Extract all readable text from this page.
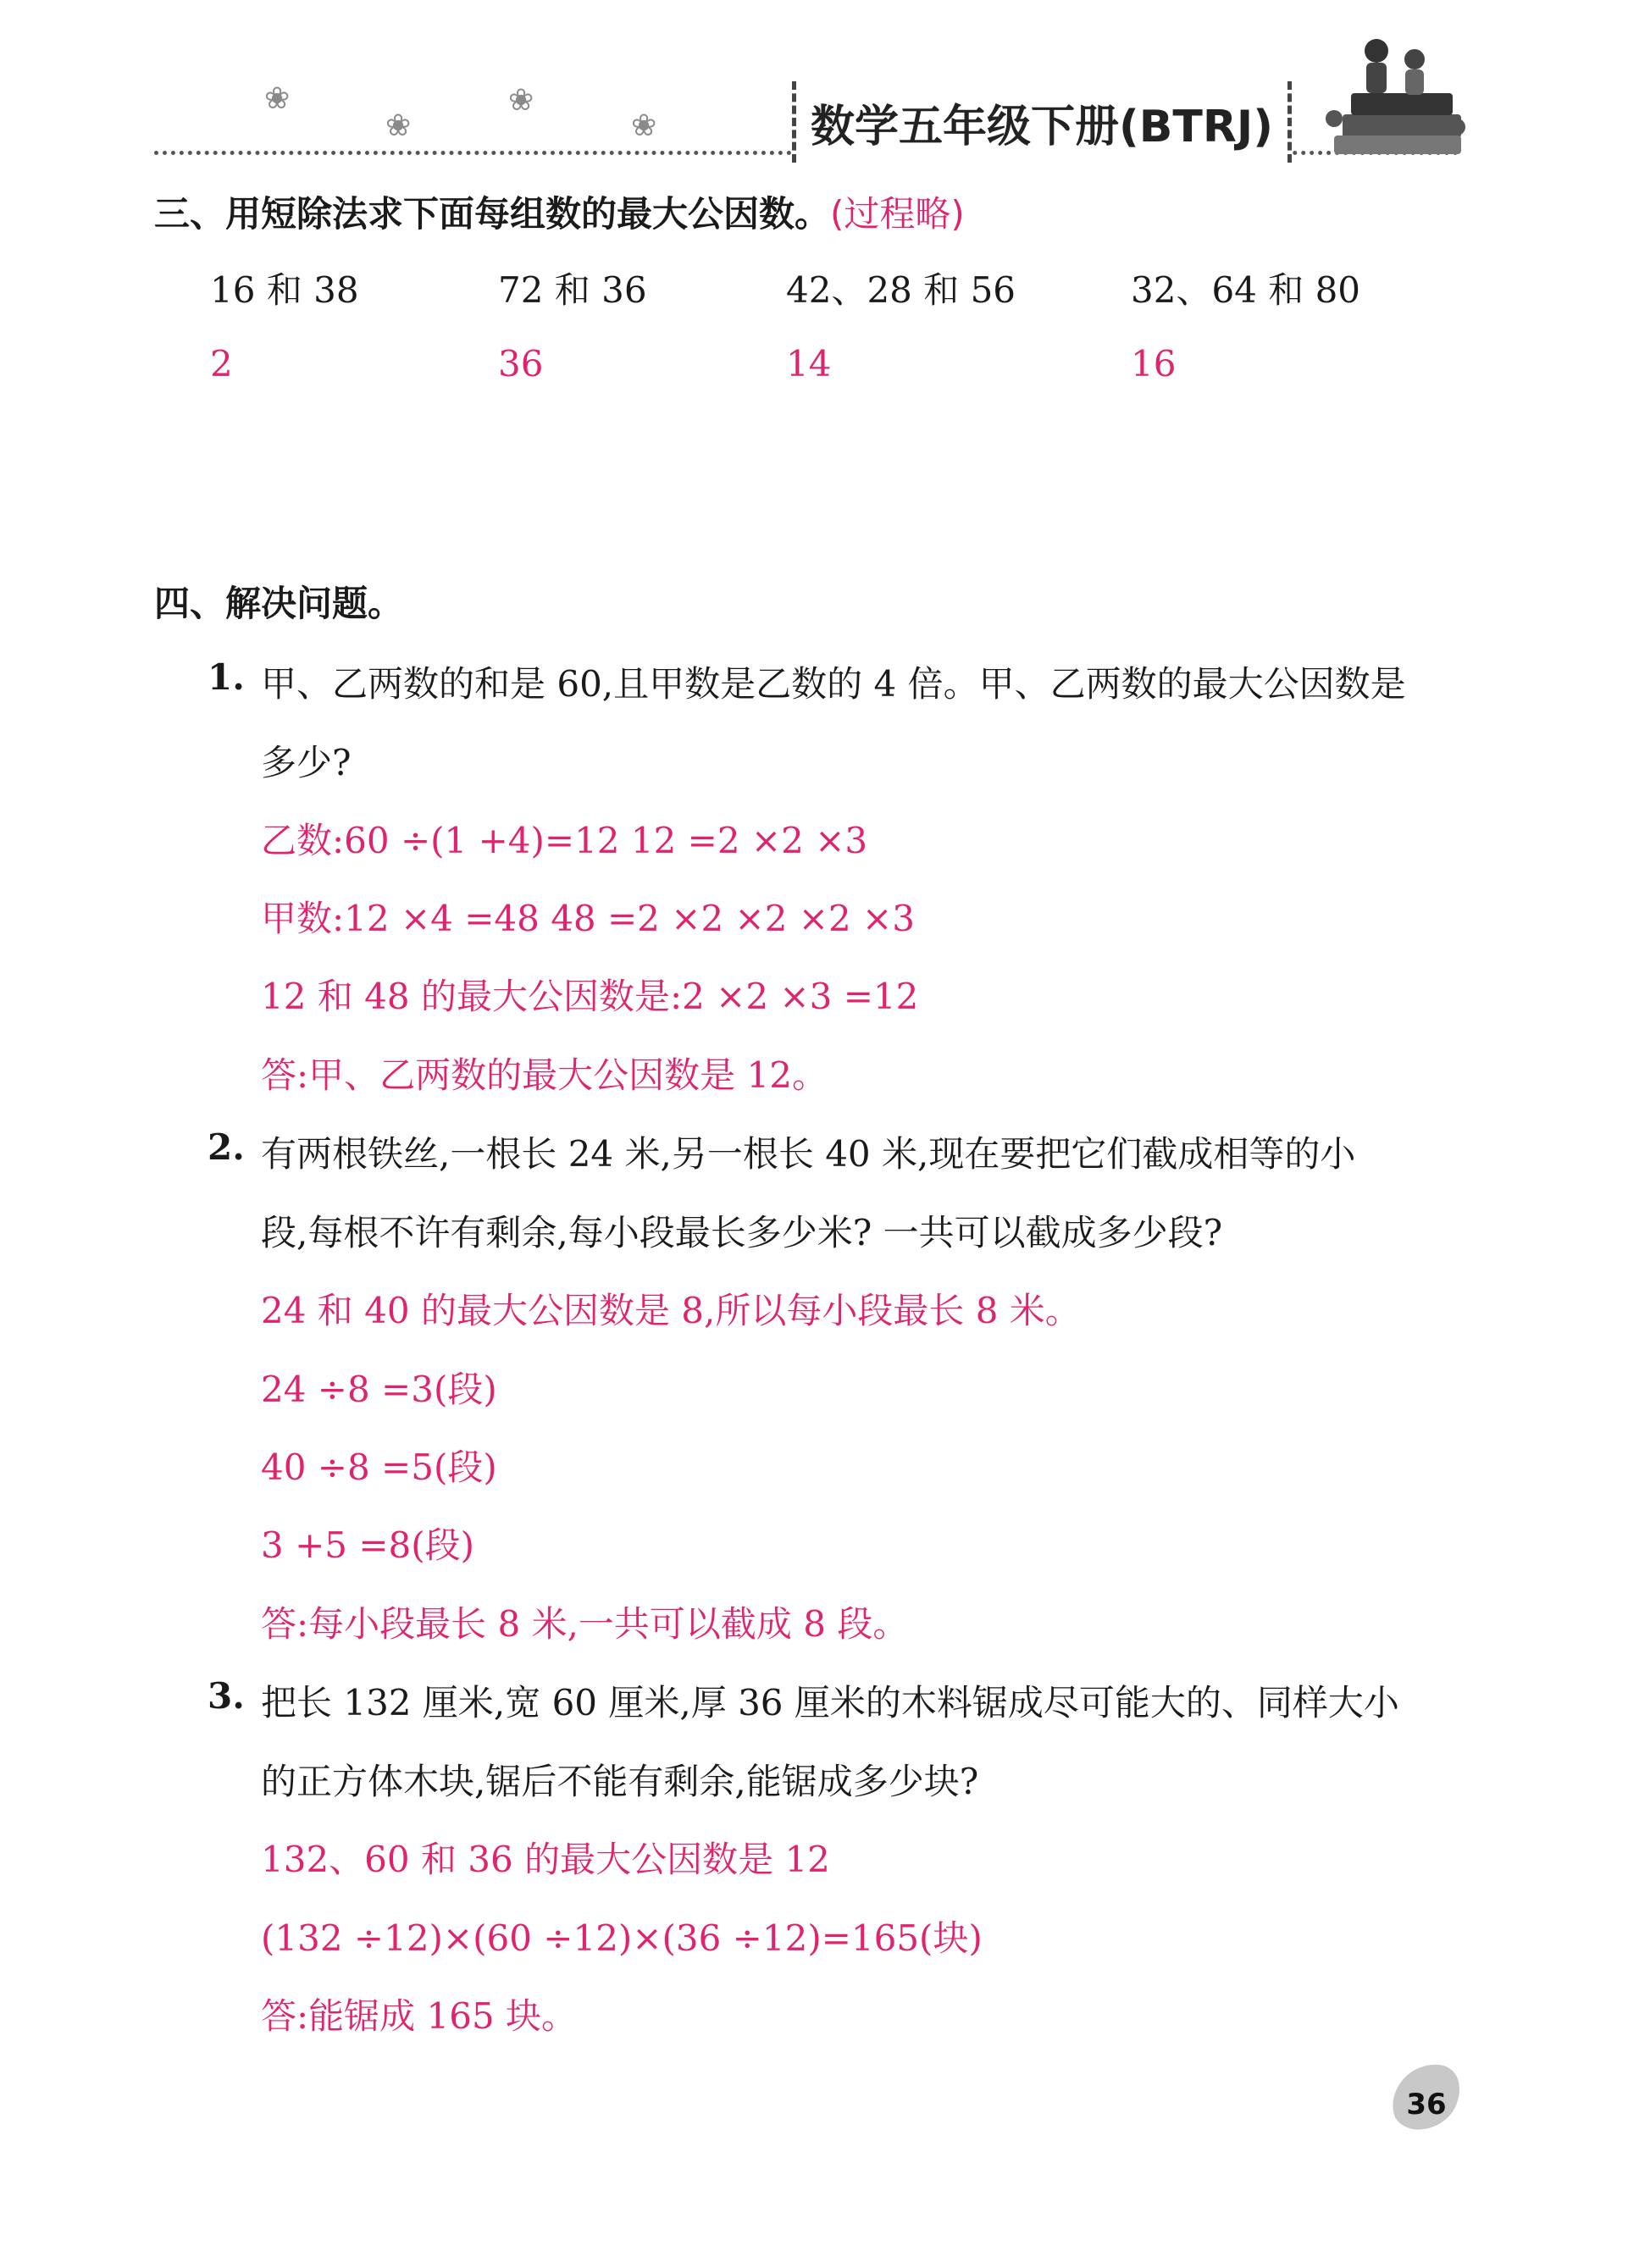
❀
❀
❀
❀	数学五年级下册(BTRJ)
三、用短除法求下面每组数的最大公因数。(过程略)
16 和 38	72 和 36	42、28 和 56	32、64 和 80
2	36	14	16
四、解决问题。
1. 甲、乙两数的和是 60,且甲数是乙数的 4 倍。甲、乙两数的最大公因数是
多少?
乙数:60 ÷(1 +4)=12 12 =2 ×2 ×3
甲数:12 ×4 =48 48 =2 ×2 ×2 ×2 ×3
12 和 48 的最大公因数是:2 ×2 ×3 =12
答:甲、乙两数的最大公因数是 12。
2. 有两根铁丝,一根长 24 米,另一根长 40 米,现在要把它们截成相等的小
段,每根不许有剩余,每小段最长多少米? 一共可以截成多少段?
24 和 40 的最大公因数是 8,所以每小段最长 8 米。
24 ÷8 =3(段)
40 ÷8 =5(段)
3 +5 =8(段)
答:每小段最长 8 米,一共可以截成 8 段。
3. 把长 132 厘米,宽 60 厘米,厚 36 厘米的木料锯成尽可能大的、同样大小
的正方体木块,锯后不能有剩余,能锯成多少块?
132、60 和 36 的最大公因数是 12
(132 ÷12)×(60 ÷12)×(36 ÷12)=165(块)
答:能锯成 165 块。
36
